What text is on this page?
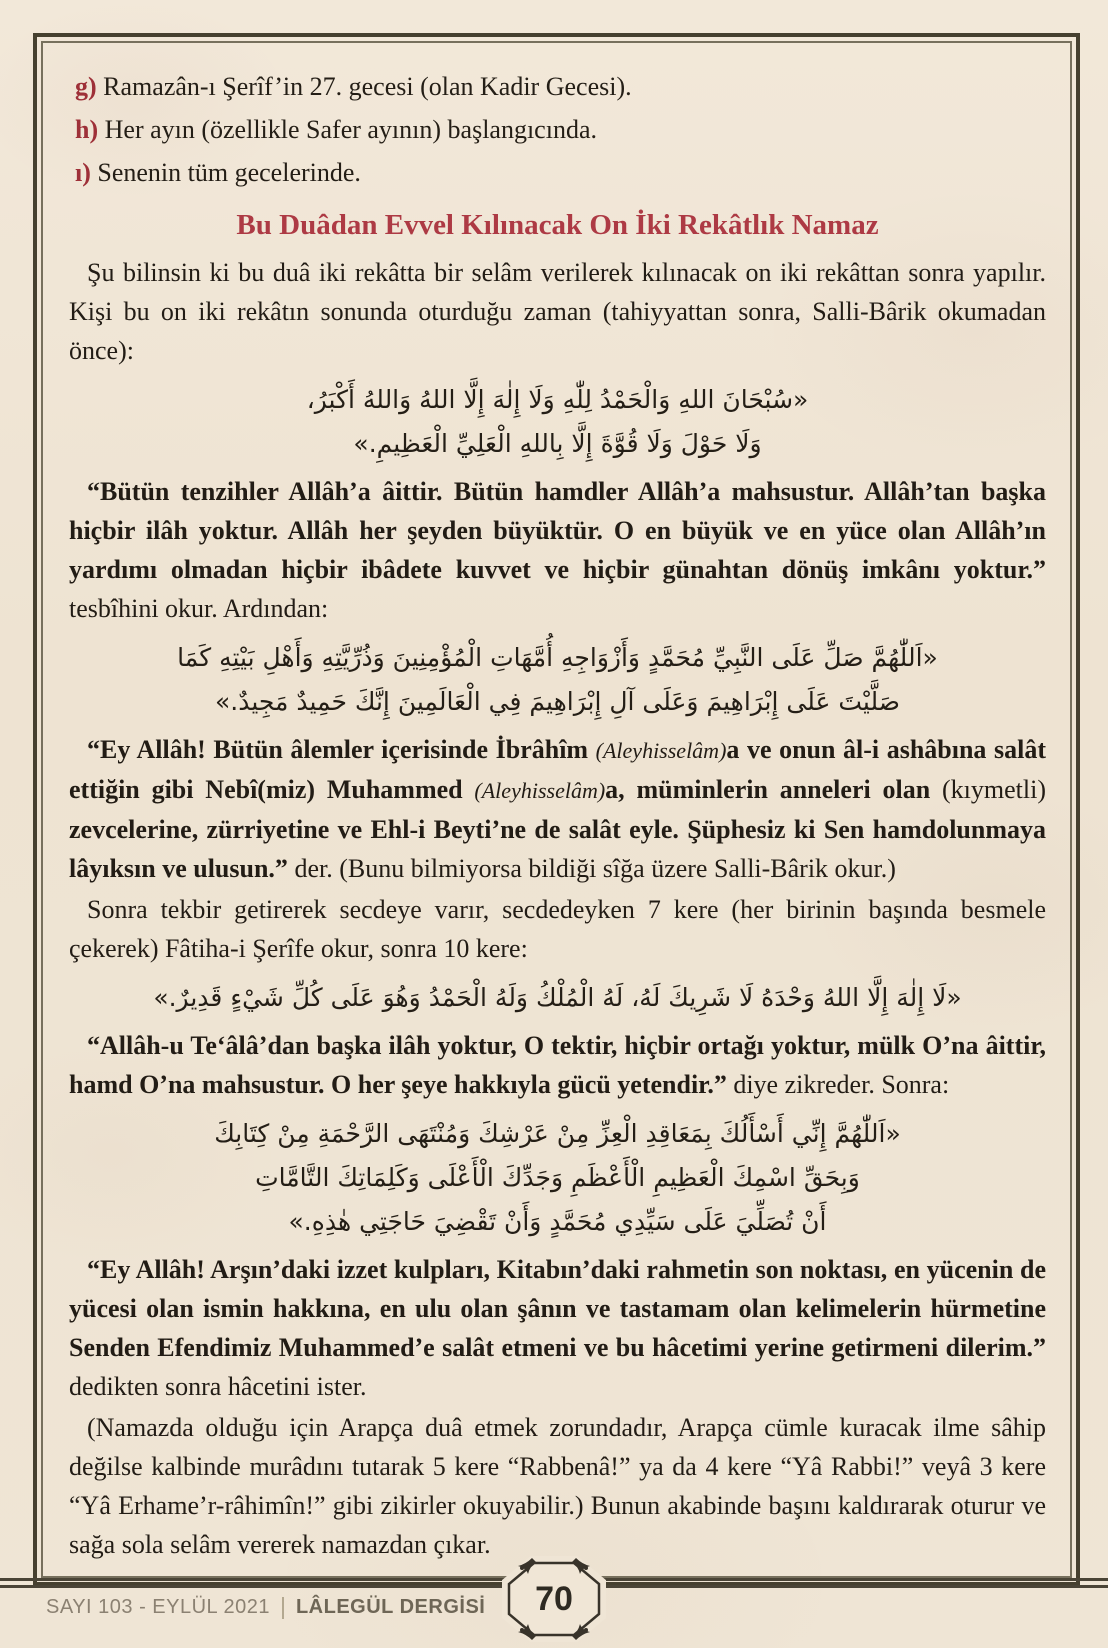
g) Ramazân-ı Şerîf’in 27. gecesi (olan Kadir Gecesi).

h) Her ayın (özellikle Safer ayının) başlangıcında.

ı) Senenin tüm gecelerinde.

Bu Duâdan Evvel Kılınacak On İki Rekâtlık Namaz

Şu bilinsin ki bu duâ iki rekâtta bir selâm verilerek kılınacak on iki rekâttan sonra yapılır. Kişi bu on iki rekâtın sonunda oturduğu zaman (tahiyyattan sonra, Salli-Bârik okumadan önce):

«سُبْحَانَ اللهِ وَالْحَمْدُ لِلّٰهِ وَلَا إِلٰهَ إِلَّا اللهُ وَاللهُ أَكْبَرُ،
وَلَا حَوْلَ وَلَا قُوَّةَ إِلَّا بِاللهِ الْعَلِيِّ الْعَظِيمِ.»

“Bütün tenzihler Allâh’a âittir. Bütün hamdler Allâh’a mahsustur. Allâh’tan başka hiçbir ilâh yoktur. Allâh her şeyden büyüktür. O en büyük ve en yüce olan Allâh’ın yardımı olmadan hiçbir ibâdete kuvvet ve hiçbir günahtan dönüş imkânı yoktur.” tesbîhini okur. Ardından:

«اَللّٰهُمَّ صَلِّ عَلَى النَّبِيِّ مُحَمَّدٍ وَأَزْوَاجِهِ أُمَّهَاتِ الْمُؤْمِنِينَ وَذُرِّيَّتِهِ وَأَهْلِ بَيْتِهِ كَمَا
صَلَّيْتَ عَلَى إِبْرَاهِيمَ وَعَلَى آلِ إِبْرَاهِيمَ فِي الْعَالَمِينَ إِنَّكَ حَمِيدٌ مَجِيدٌ.»

“Ey Allâh! Bütün âlemler içerisinde İbrâhîm (Aleyhisselâm)a ve onun âl-i ashâbına salât ettiğin gibi Nebî(miz) Muhammed (Aleyhisselâm)a, müminlerin anneleri olan (kıymetli) zevcelerine, zürriyetine ve Ehl-i Beyti’ne de salât eyle. Şüphesiz ki Sen hamdolunmaya lâyıksın ve ulusun.” der. (Bunu bilmiyorsa bildiği sîğa üzere Salli-Bârik okur.)

Sonra tekbir getirerek secdeye varır, secdedeyken 7 kere (her birinin başında besmele çekerek) Fâtiha-i Şerîfe okur, sonra 10 kere:

«لَا إِلٰهَ إِلَّا اللهُ وَحْدَهُ لَا شَرِيكَ لَهُ، لَهُ الْمُلْكُ وَلَهُ الْحَمْدُ وَهُوَ عَلَى كُلِّ شَيْءٍ قَدِيرٌ.»

“Allâh-u Te‘âlâ’dan başka ilâh yoktur, O tektir, hiçbir ortağı yoktur, mülk O’na âittir, hamd O’na mahsustur. O her şeye hakkıyla gücü yetendir.” diye zikreder. Sonra:

«اَللّٰهُمَّ إِنِّي أَسْأَلُكَ بِمَعَاقِدِ الْعِزِّ مِنْ عَرْشِكَ وَمُنْتَهَى الرَّحْمَةِ مِنْ كِتَابِكَ
وَبِحَقِّ اسْمِكَ الْعَظِيمِ الْأَعْظَمِ وَجَدِّكَ الْأَعْلَى وَكَلِمَاتِكَ التَّامَّاتِ
أَنْ تُصَلِّيَ عَلَى سَيِّدِي مُحَمَّدٍ وَأَنْ تَقْضِيَ حَاجَتِي هٰذِهِ.»

“Ey Allâh! Arşın’daki izzet kulpları, Kitabın’daki rahmetin son noktası, en yücenin de yücesi olan ismin hakkına, en ulu olan şânın ve tastamam olan kelimelerin hürmetine Senden Efendimiz Muhammed’e salât etmeni ve bu hâcetimi yerine getirmeni dilerim.” dedikten sonra hâcetini ister.

(Namazda olduğu için Arapça duâ etmek zorundadır, Arapça cümle kuracak ilme sâhip değilse kalbinde murâdını tutarak 5 kere “Rabbenâ!” ya da 4 kere “Yâ Rabbi!” veyâ 3 kere “Yâ Erhame’r-râhimîn!” gibi zikirler okuyabilir.) Bunun akabinde başını kaldırarak oturur ve sağa sola selâm vererek namazdan çıkar.

70
SAYI 103 - EYLÜL 2021 LÂLEGÜL DERGİSİ
